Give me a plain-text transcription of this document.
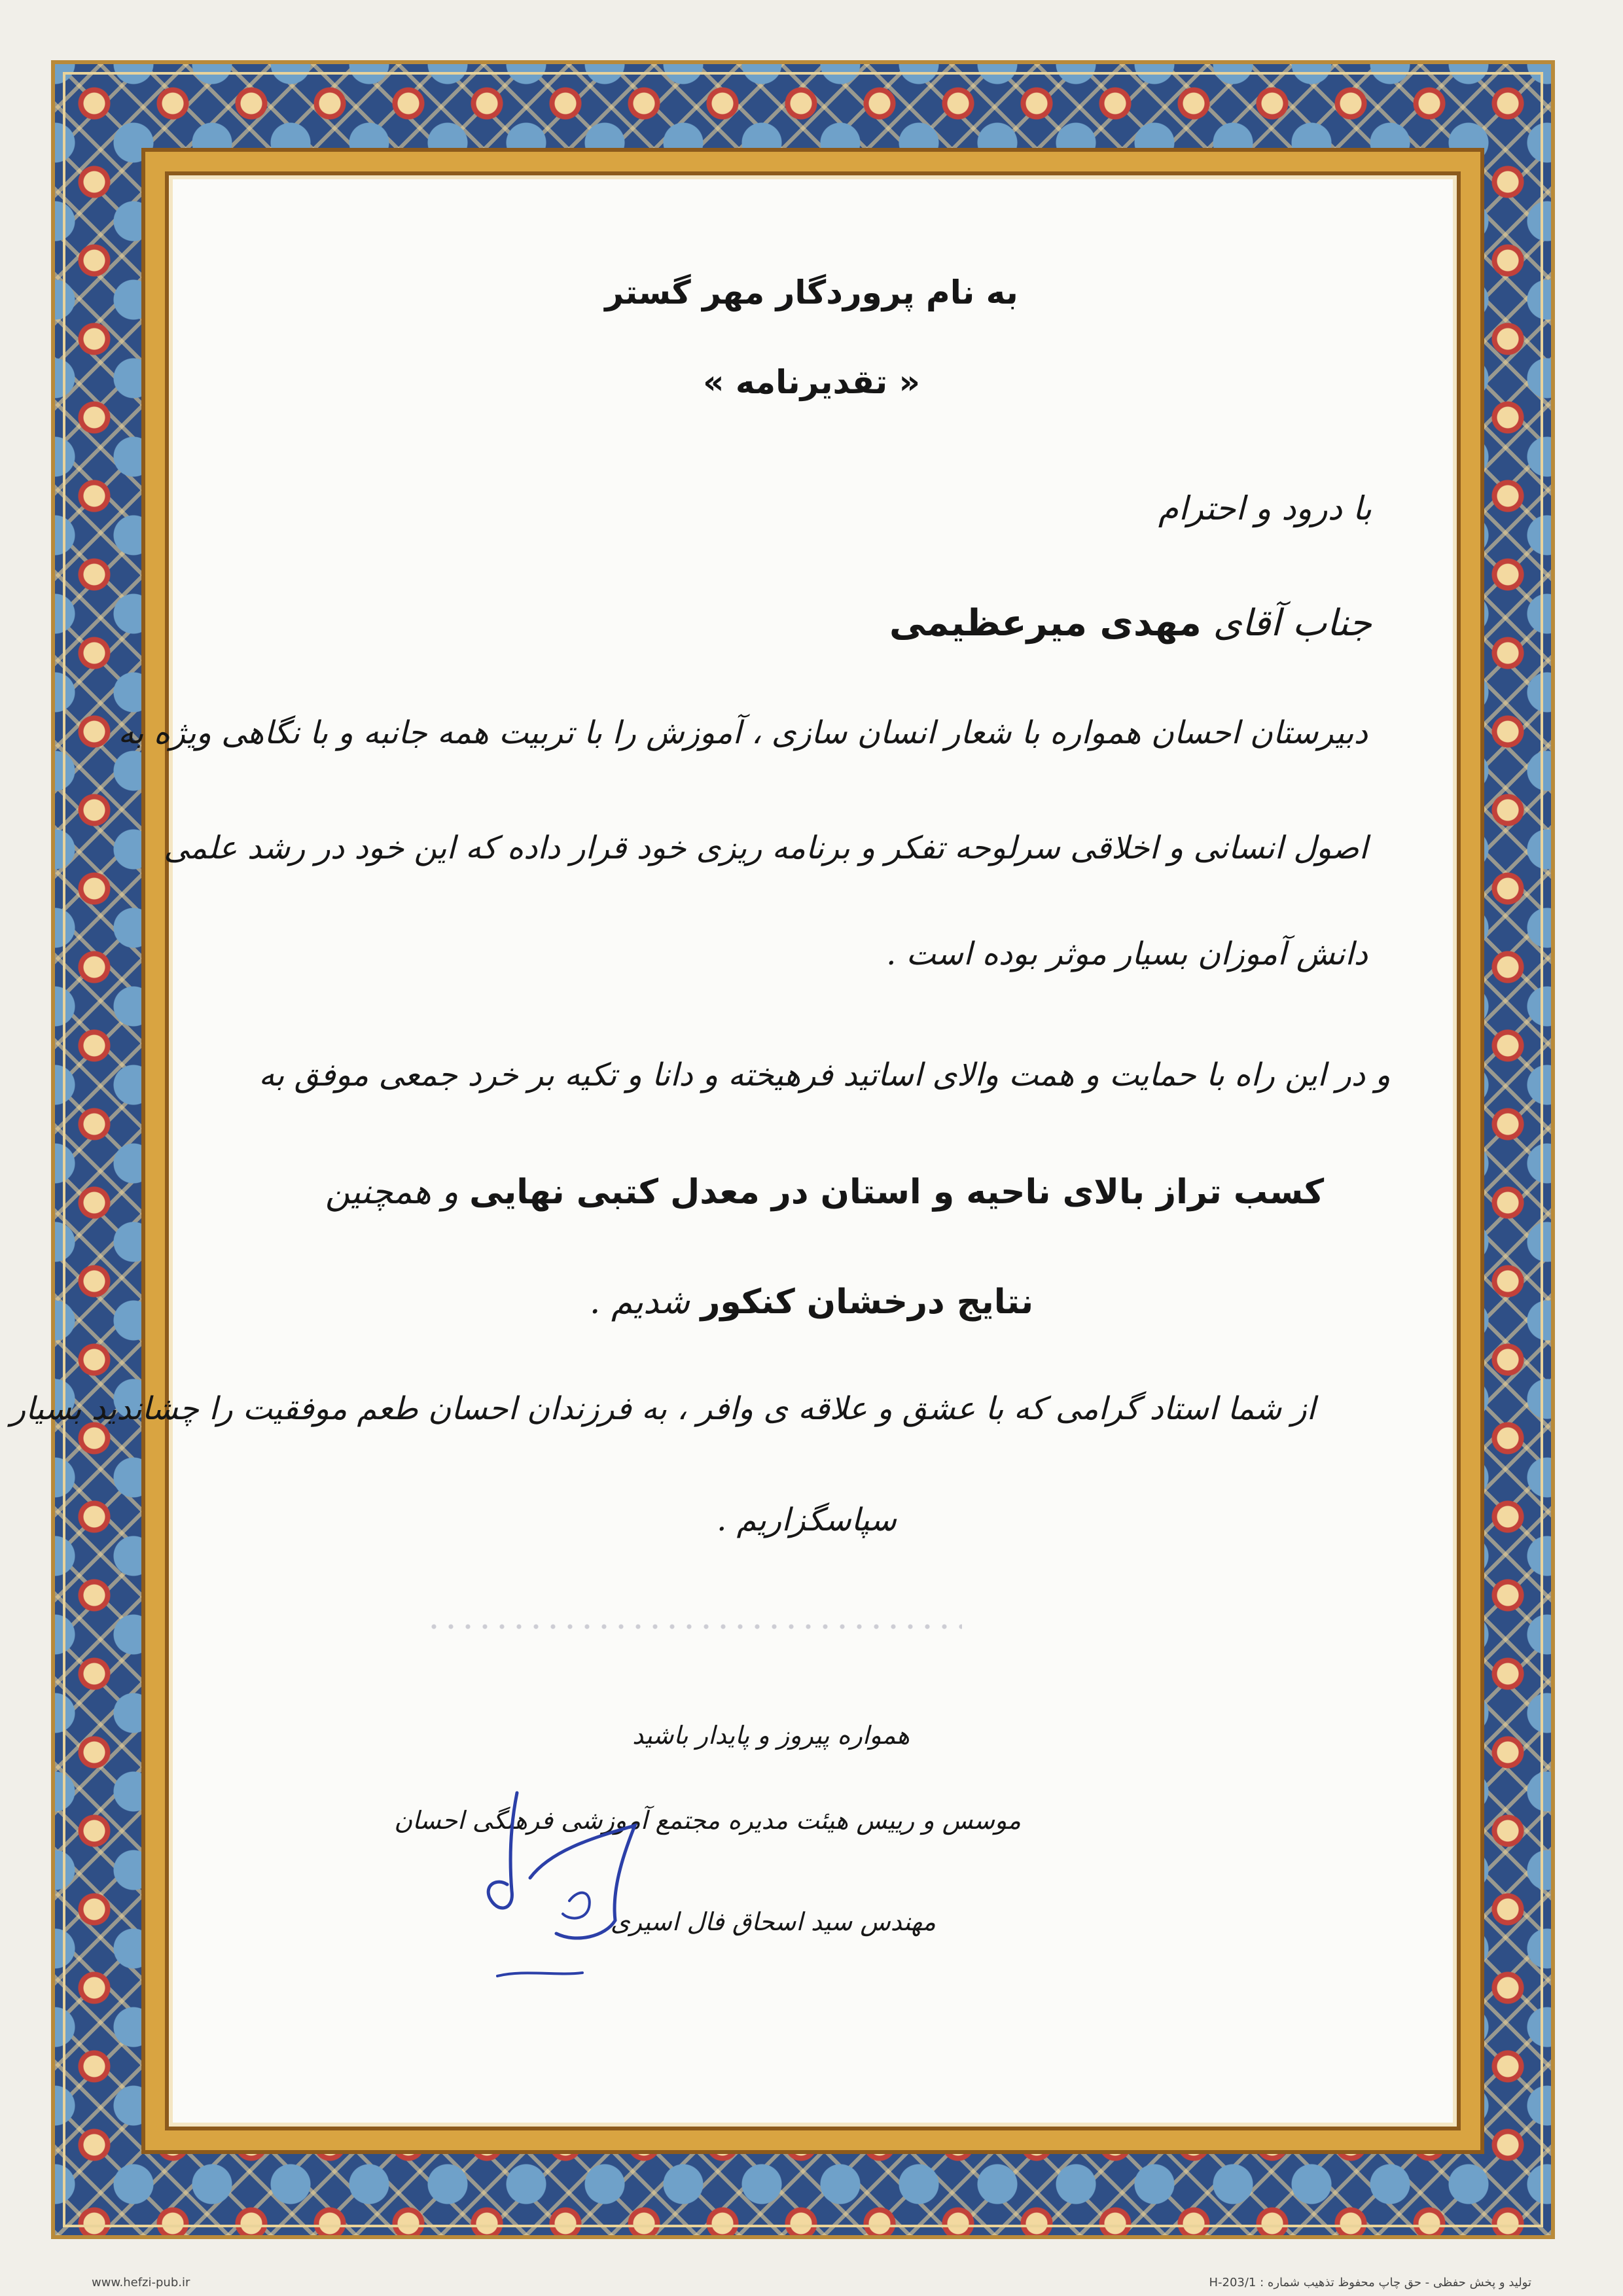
به نام پروردگار مهر گستر
« تقدیرنامه »
با درود و احترام
جناب آقای مهدی میرعظیمی
دبیرستان احسان همواره با شعار انسان سازی ، آموزش را با تربیت همه جانبه و با نگاهی ویژه به
اصول انسانی و اخلاقی سرلوحه تفکر و برنامه ریزی خود قرار داده که این خود در رشد علمی
دانش آموزان بسیار موثر بوده است .
و در این راه با حمایت و همت والای اساتید فرهیخته و دانا و تکیه بر خرد جمعی موفق به
کسب تراز بالای ناحیه و استان در معدل کتبی نهایی و همچنین
نتایج درخشان کنکور شدیم .
از شما استاد گرامی که با عشق و علاقه ی وافر ، به فرزندان احسان طعم موفقیت را چشاندید بسیار
سپاسگزاریم .
همواره پیروز و پایدار باشید
موسس و رییس هیئت مدیره مجتمع آموزشی فرهنگی احسان
مهندس سید اسحاق فال اسیری
www.hefzi-pub.ir	تولید و پخش حفظی - حق چاپ محفوظ تذهیب شماره : H-203/1
